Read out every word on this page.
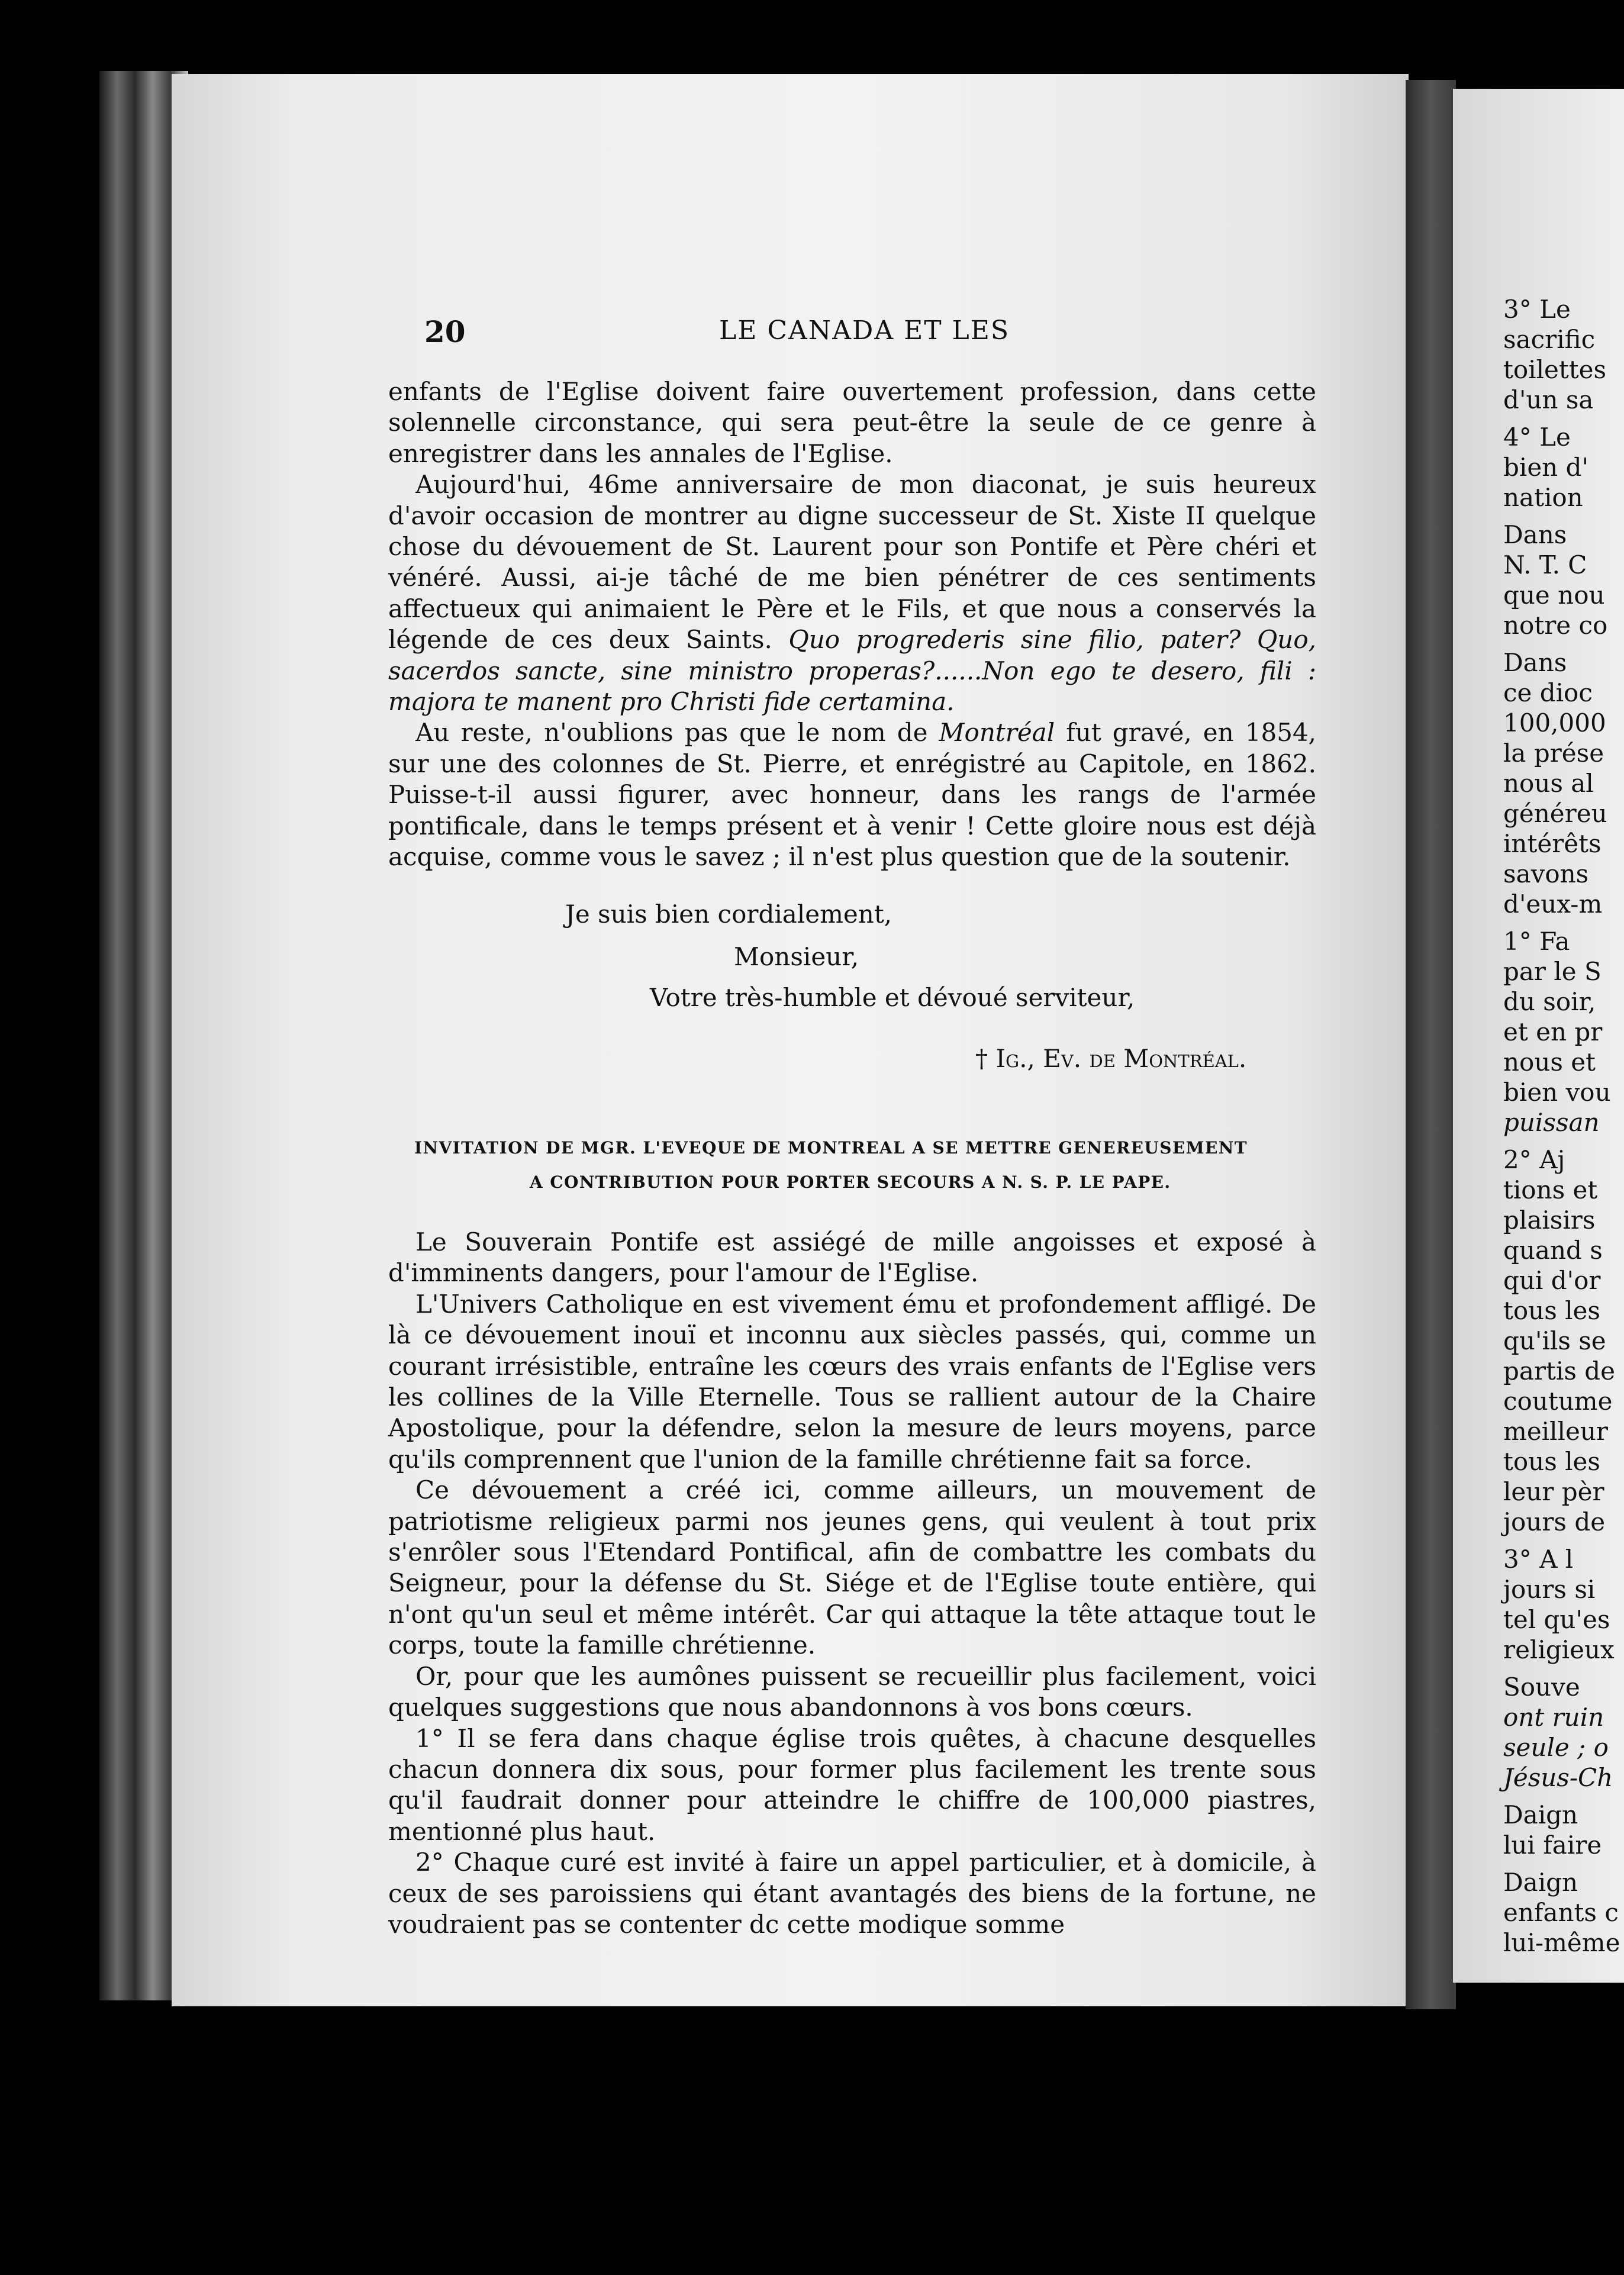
3° Le
sacrific
toilettes
d'un sa
4° Le
bien d'
nation
Dans
N. T. C
que nou
notre co
Dans
ce dioc
100,000
la prése
nous al
généreu
intérêts
savons
d'eux-m
1° Fa
par le S
du soir,
et en pr
nous et
bien vou
puissan
2° Aj
tions et
plaisirs
quand s
qui d'or
tous les
qu'ils se
partis de
coutume
meilleur
tous les
leur pèr
jours de
3° A l
jours si
tel qu'es
religieux
Souve
ont ruin
seule ; o
Jésus-Ch
Daign
lui faire
Daign
enfants c
lui-même
20	LE CANADA ET LES

enfants de l'Eglise doivent faire ouvertement profession, dans cette solennelle circonstance, qui sera peut-être la seule de ce genre à enregistrer dans les annales de l'Eglise.

Aujourd'hui, 46me anniversaire de mon diaconat, je suis heureux d'avoir occasion de montrer au digne successeur de St. Xiste II quelque chose du dévouement de St. Laurent pour son Pontife et Père chéri et vénéré. Aussi, ai-je tâché de me bien pénétrer de ces sentiments affectueux qui animaient le Père et le Fils, et que nous a conservés la légende de ces deux Saints. Quo progrederis sine filio, pater? Quo, sacerdos sancte, sine ministro properas?......Non ego te desero, fili : majora te manent pro Christi fide certamina.

Au reste, n'oublions pas que le nom de Montréal fut gravé, en 1854, sur une des colonnes de St. Pierre, et enrégistré au Capitole, en 1862. Puisse-t-il aussi figurer, avec honneur, dans les rangs de l'armée pontificale, dans le temps présent et à venir ! Cette gloire nous est déjà acquise, comme vous le savez ; il n'est plus question que de la soutenir.

Je suis bien cordialement,
Monsieur,
Votre très-humble et dévoué serviteur,
† Ig., Ev. de Montréal.
INVITATION DE MGR. L'EVEQUE DE MONTREAL A SE METTRE GENEREUSEMENT
A CONTRIBUTION POUR PORTER SECOURS A N. S. P. LE PAPE.

Le Souverain Pontife est assiégé de mille angoisses et exposé à d'imminents dangers, pour l'amour de l'Eglise.

L'Univers Catholique en est vivement ému et profondement affligé. De là ce dévouement inouï et inconnu aux siècles passés, qui, comme un courant irrésistible, entraîne les cœurs des vrais enfants de l'Eglise vers les collines de la Ville Eternelle. Tous se rallient autour de la Chaire Apostolique, pour la défendre, selon la mesure de leurs moyens, parce qu'ils comprennent que l'union de la famille chrétienne fait sa force.

Ce dévouement a créé ici, comme ailleurs, un mouvement de patriotisme religieux parmi nos jeunes gens, qui veulent à tout prix s'enrôler sous l'Etendard Pontifical, afin de combattre les combats du Seigneur, pour la défense du St. Siége et de l'Eglise toute entière, qui n'ont qu'un seul et même intérêt. Car qui attaque la tête attaque tout le corps, toute la famille chrétienne.

Or, pour que les aumônes puissent se recueillir plus facilement, voici quelques suggestions que nous abandonnons à vos bons cœurs.

1° Il se fera dans chaque église trois quêtes, à chacune desquelles chacun donnera dix sous, pour former plus facilement les trente sous qu'il faudrait donner pour atteindre le chiffre de 100,000 piastres, mentionné plus haut.

2° Chaque curé est invité à faire un appel particulier, et à domicile, à ceux de ses paroissiens qui étant avantagés des biens de la fortune, ne voudraient pas se contenter dc cette modique somme
